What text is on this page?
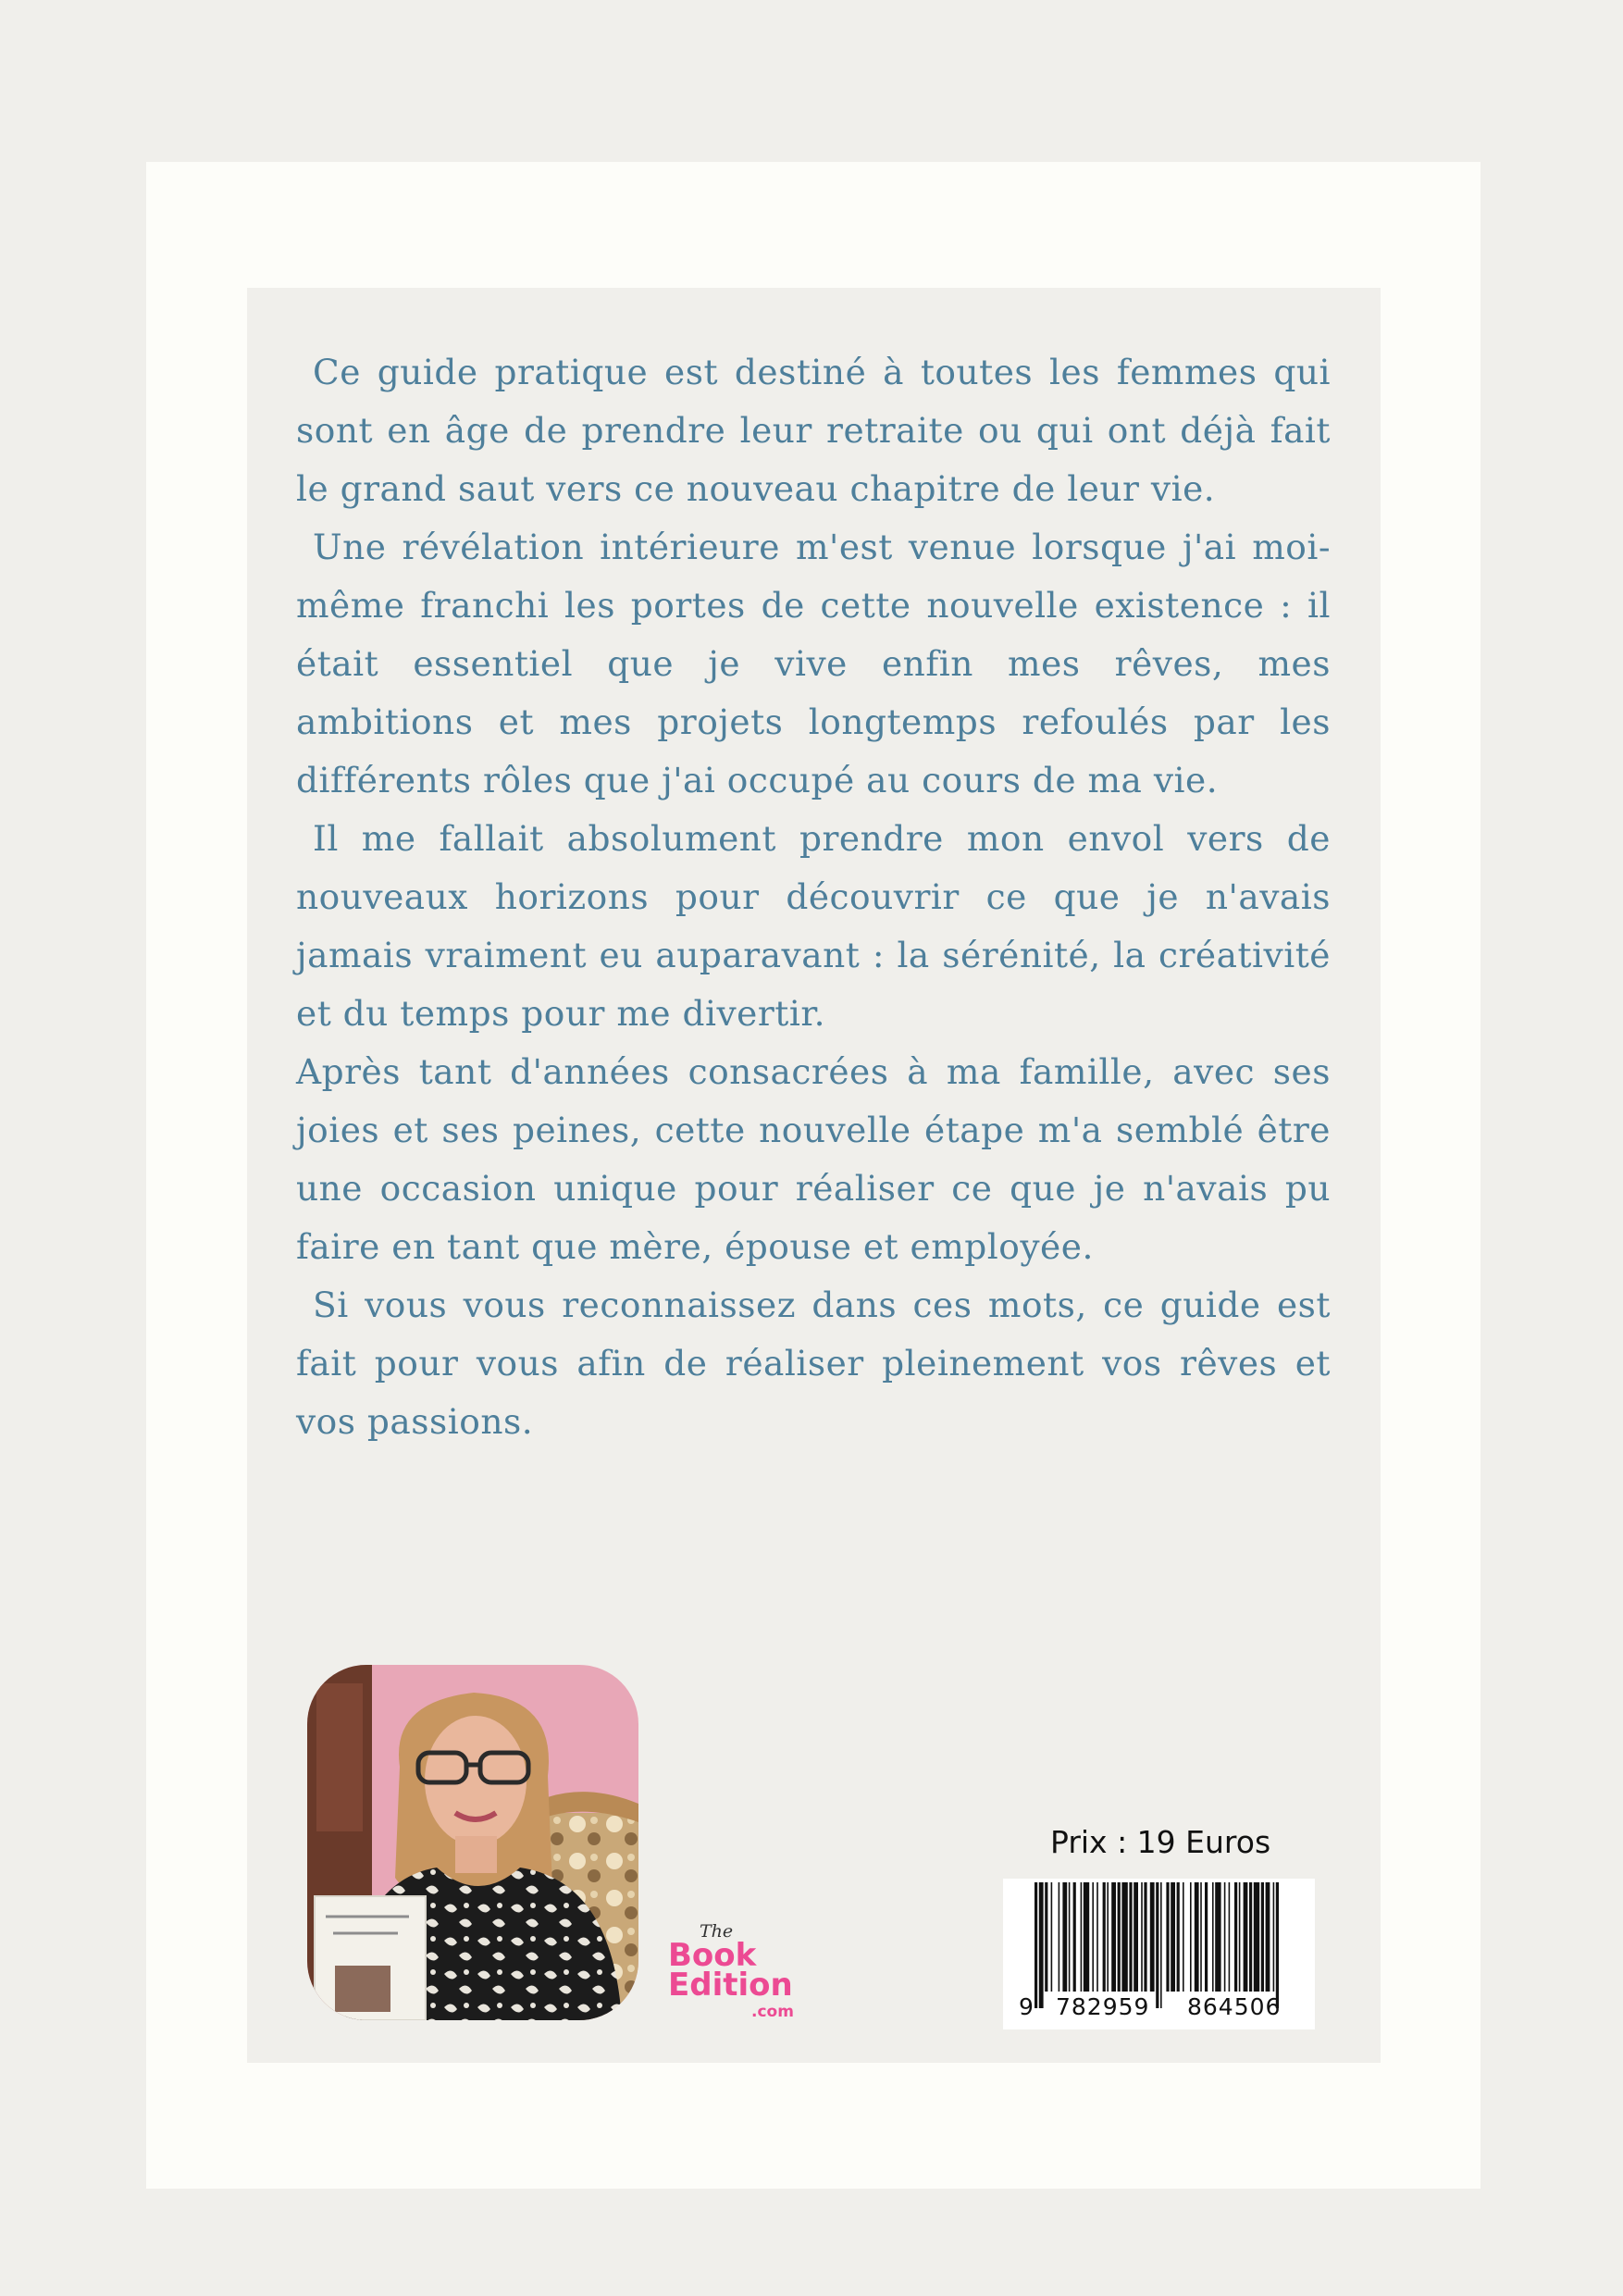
Ce guide pratique est destiné à toutes les femmes qui sont en âge de prendre leur retraite ou qui ont déjà fait le grand saut vers ce nouveau chapitre de leur vie.

Une révélation intérieure m'est venue lorsque j'ai moi-même franchi les portes de cette nouvelle existence : il était essentiel que je vive enfin mes rêves, mes ambitions et mes projets longtemps refoulés par les différents rôles que j'ai occupé au cours de ma vie.

Il me fallait absolument prendre mon envol vers de nouveaux horizons pour découvrir ce que je n'avais jamais vraiment eu auparavant : la sérénité, la créativité et du temps pour me divertir.

Après tant d'années consacrées à ma famille, avec ses joies et ses peines, cette nouvelle étape m'a semblé être une occasion unique pour réaliser ce que je n'avais pu faire en tant que mère, épouse et employée.

Si vous vous reconnaissez dans ces mots, ce guide est fait pour vous afin de réaliser pleinement vos rêves et vos passions.

The
Book
Edition
.com
Prix : 19 Euros
9 782959 864506
